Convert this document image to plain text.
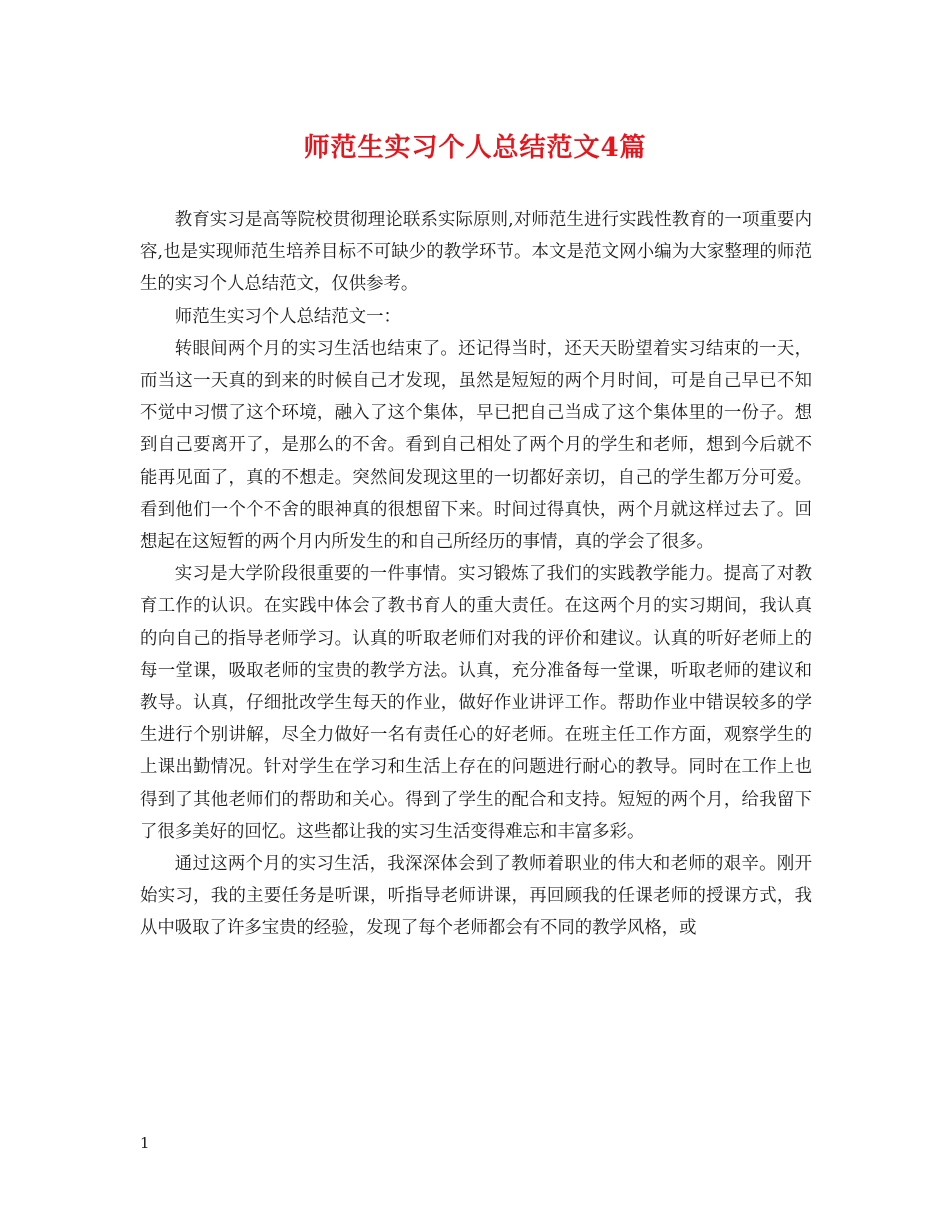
师范生实习个人总结范文4篇

教育实习是高等院校贯彻理论联系实际原则,对师范生进行实践性教育的一项重要内容,也是实现师范生培养目标不可缺少的教学环节。本文是范文网小编为大家整理的师范生的实习个人总结范文，仅供参考。

师范生实习个人总结范文一：

转眼间两个月的实习生活也结束了。还记得当时，还天天盼望着实习结束的一天，而当这一天真的到来的时候自己才发现，虽然是短短的两个月时间，可是自己早已不知不觉中习惯了这个环境，融入了这个集体，早已把自己当成了这个集体里的一份子。想到自己要离开了，是那么的不舍。看到自己相处了两个月的学生和老师，想到今后就不能再见面了，真的不想走。突然间发现这里的一切都好亲切，自己的学生都万分可爱。看到他们一个个不舍的眼神真的很想留下来。时间过得真快，两个月就这样过去了。回想起在这短暂的两个月内所发生的和自己所经历的事情，真的学会了很多。

实习是大学阶段很重要的一件事情。实习锻炼了我们的实践教学能力。提高了对教育工作的认识。在实践中体会了教书育人的重大责任。在这两个月的实习期间，我认真的向自己的指导老师学习。认真的听取老师们对我的评价和建议。认真的听好老师上的每一堂课，吸取老师的宝贵的教学方法。认真，充分准备每一堂课，听取老师的建议和教导。认真，仔细批改学生每天的作业，做好作业讲评工作。帮助作业中错误较多的学生进行个别讲解，尽全力做好一名有责任心的好老师。在班主任工作方面，观察学生的上课出勤情况。针对学生在学习和生活上存在的问题进行耐心的教导。同时在工作上也得到了其他老师们的帮助和关心。得到了学生的配合和支持。短短的两个月，给我留下了很多美好的回忆。这些都让我的实习生活变得难忘和丰富多彩。

通过这两个月的实习生活，我深深体会到了教师着职业的伟大和老师的艰辛。刚开始实习，我的主要任务是听课，听指导老师讲课，再回顾我的任课老师的授课方式，我从中吸取了许多宝贵的经验，发现了每个老师都会有不同的教学风格，或

1
